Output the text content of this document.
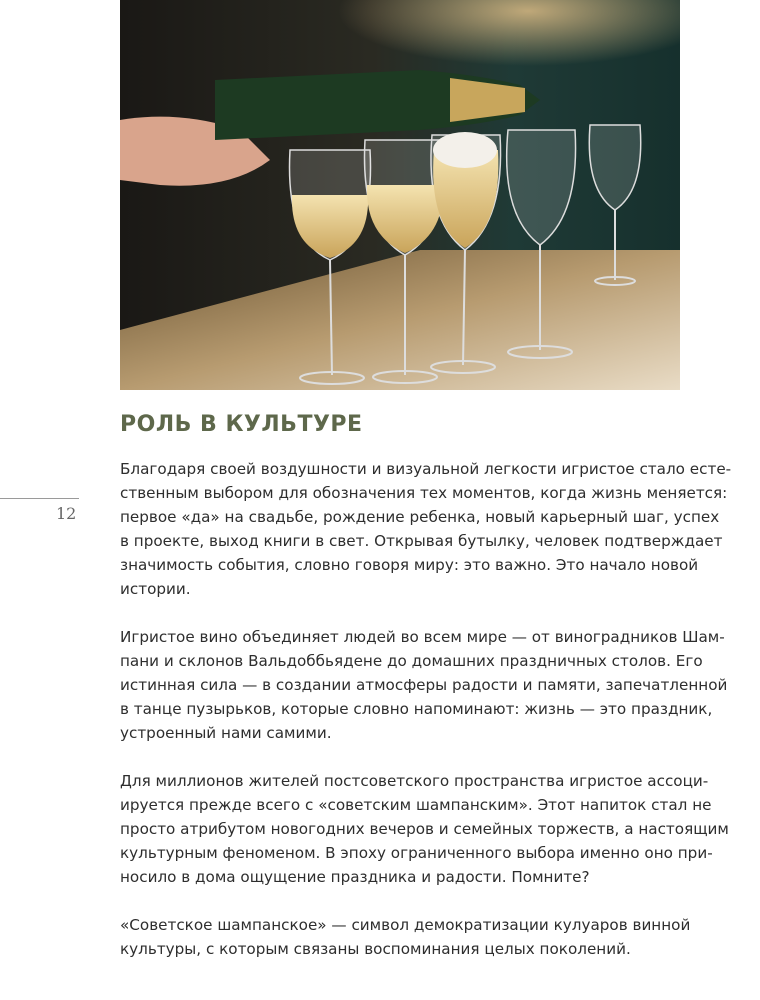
РОЛЬ В КУЛЬТУРЕ
12
Благодаря своей воздушности и визуальной легкости игристое стало есте-
ственным выбором для обозначения тех моментов, когда жизнь меняется:
первое «да» на свадьбе, рождение ребенка, новый карьерный шаг, успех
в проекте, выход книги в свет. Открывая бутылку, человек подтверждает
значимость события, словно говоря миру: это важно. Это начало новой
истории.
Игристое вино объединяет людей во всем мире — от виноградников Шам-
пани и склонов Вальдоббьядене до домашних праздничных столов. Его
истинная сила — в создании атмосферы радости и памяти, запечатленной
в танце пузырьков, которые словно напоминают: жизнь — это праздник,
устроенный нами самими.
Для миллионов жителей постсоветского пространства игристое ассоци-
ируется прежде всего с «советским шампанским». Этот напиток стал не
просто атрибутом новогодних вечеров и семейных торжеств, а настоящим
культурным феноменом. В эпоху ограниченного выбора именно оно при-
носило в дома ощущение праздника и радости. Помните?
«Советское шампанское» — символ демократизации кулуаров винной
культуры, с которым связаны воспоминания целых поколений.
